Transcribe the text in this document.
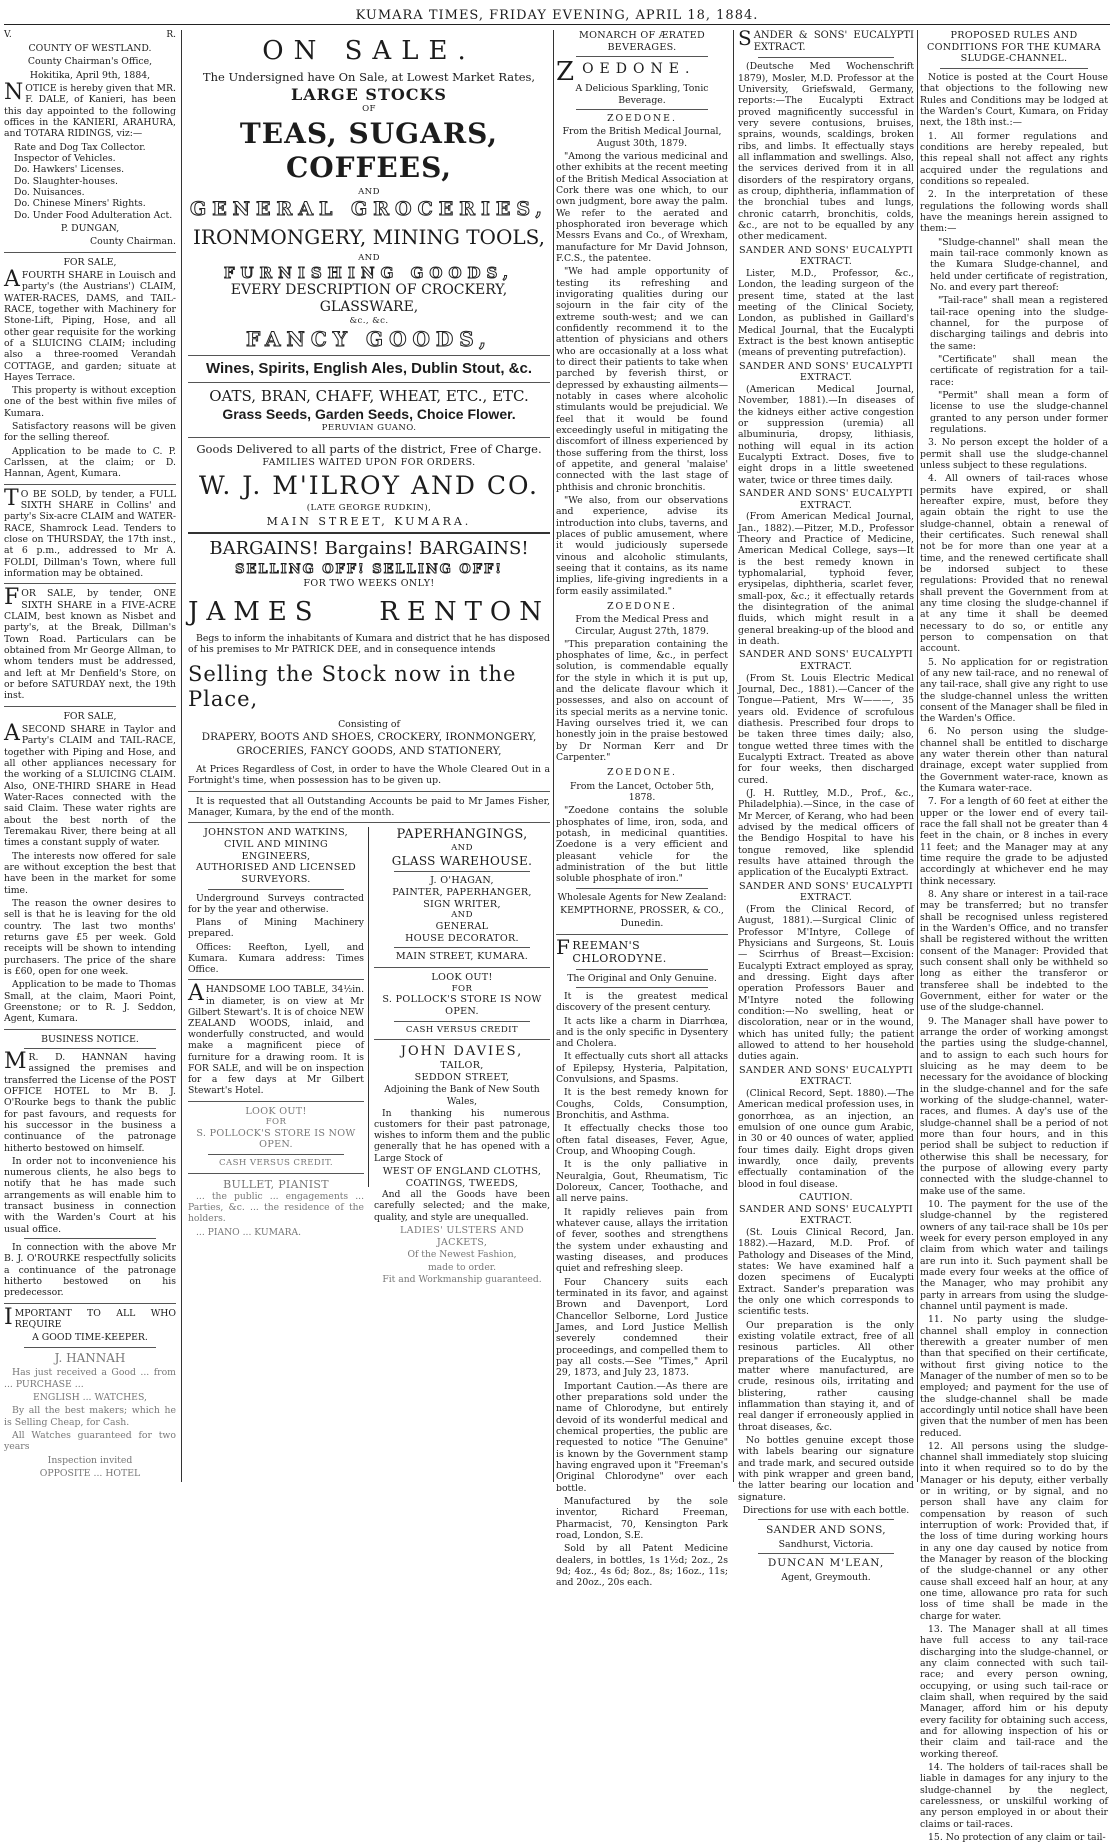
KUMARA TIMES, FRIDAY EVENING, APRIL 18, 1884.
V.	R.
COUNTY OF WESTLAND.
County Chairman's Office,
Hokitika, April 9th, 1884,

NOTICE is hereby given that MR. F. DALE, of Kanieri, has been this day appointed to the following offices in the KANIERI, ARAHURA, and TOTARA RIDINGS, viz:—

Rate and Dog Tax Collector.
Inspector of Vehicles.
Do. Hawkers' Licenses.
Do. Slaughter-houses.
Do. Nuisances.
Do. Chinese Miners' Rights.
Do. Under Food Adulteration Act.
P. DUNGAN,
County Chairman.
FOR SALE,

AFOURTH SHARE in Louisch and party's (the Austrians') CLAIM, WATER-RACES, DAMS, and TAIL-RACE, together with Machinery for Stone-Lift, Piping, Hose, and all other gear requisite for the working of a SLUICING CLAIM; including also a three-roomed Verandah COTTAGE, and garden; situate at Hayes Terrace.

This property is without exception one of the best within five miles of Kumara.

Satisfactory reasons will be given for the selling thereof.

Application to be made to C. P. Carlssen, at the claim; or D. Hannan, Agent, Kumara.

T O BE SOLD, by tender, a FULL SIXTH SHARE in Collins' and party's Six-acre CLAIM and WATER-RACE, Shamrock Lead. Tenders to close on THURSDAY, the 17th inst., at 6 p.m., addressed to Mr A. FOLDI, Dillman's Town, where full information may be obtained.

FOR SALE, by tender, ONE SIXTH SHARE in a FIVE-ACRE CLAIM, best known as Nisbet and party's, at the Break, Dillman's Town Road. Particulars can be obtained from Mr George Allman, to whom tenders must be addressed, and left at Mr Denfield's Store, on or before SATURDAY next, the 19th inst.

FOR SALE,

ASECOND SHARE in Taylor and Party's CLAIM and TAIL-RACE, together with Piping and Hose, and all other appliances necessary for the working of a SLUICING CLAIM. Also, ONE-THIRD SHARE in Head Water-Races connected with the said Claim. These water rights are about the best north of the Teremakau River, there being at all times a constant supply of water.

The interests now offered for sale are without exception the best that have been in the market for some time.

The reason the owner desires to sell is that he is leaving for the old country. The last two months' returns gave £5 per week. Gold receipts will be shown to intending purchasers. The price of the share is £60, open for one week.

Application to be made to Thomas Small, at the claim, Maori Point, Greenstone; or to R. J. Seddon, Agent, Kumara.

BUSINESS NOTICE.

M R. D. HANNAN having assigned the premises and transferred the License of the POST OFFICE HOTEL to Mr B. J. O'Rourke begs to thank the public for past favours, and requests for his successor in the business a continuance of the patronage hitherto bestowed on himself.

In order not to inconvenience his numerous clients, he also begs to notify that he has made such arrangements as will enable him to transact business in connection with the Warden's Court at his usual office.

In connection with the above Mr B. J. O'ROURKE respectfully solicits a continuance of the patronage hitherto bestowed on his predecessor.

IMPORTANT TO ALL WHO REQUIRE

A GOOD TIME-KEEPER.
J. HANNAH

Has just received a Good ... from ... PURCHASE ...

ENGLISH ... WATCHES,

By all the best makers; which he is Selling Cheap, for Cash.

All Watches guaranteed for two years

Inspection invited
OPPOSITE ... HOTEL
ON SALE.
The Undersigned have On Sale, at Lowest Market Rates,
LARGE STOCKS
OF
TEAS, SUGARS, COFFEES,
AND
GENERAL GROCERIES,
IRONMONGERY, MINING TOOLS,
AND
FURNISHING GOODS,
EVERY DESCRIPTION OF CROCKERY, GLASSWARE,
&c., &c.
FANCY GOODS,
Wines, Spirits, English Ales, Dublin Stout, &c.
OATS, BRAN, CHAFF, WHEAT, ETC., ETC.
Grass Seeds, Garden Seeds, Choice Flower.
PERUVIAN GUANO.
Goods Delivered to all parts of the district, Free of Charge.
FAMILIES WAITED UPON FOR ORDERS.
W. J. M'ILROY AND CO.
(LATE GEORGE RUDKIN),
MAIN STREET, KUMARA.
BARGAINS! Bargains! BARGAINS!
SELLING OFF! SELLING OFF!
FOR TWO WEEKS ONLY!
JAMES RENTON

Begs to inform the inhabitants of Kumara and district that he has disposed of his premises to Mr PATRICK DEE, and in consequence intends

Selling the Stock now in the Place,
Consisting of
DRAPERY, BOOTS AND SHOES, CROCKERY, IRONMONGERY,
GROCERIES, FANCY GOODS, AND STATIONERY,

At Prices Regardless of Cost, in order to have the Whole Cleared Out in a Fortnight's time, when possession has to be given up.

It is requested that all Outstanding Accounts be paid to Mr James Fisher, Manager, Kumara, by the end of the month.

JOHNSTON AND WATKINS,
CIVIL AND MINING ENGINEERS,
AUTHORISED AND LICENSED SURVEYORS.

Underground Surveys contracted for by the year and otherwise.

Plans of Mining Machinery prepared.

Offices: Reefton, Lyell, and Kumara. Kumara address: Times Office.

AHANDSOME LOO TABLE, 34½in. in diameter, is on view at Mr Gilbert Stewart's. It is of choice NEW ZEALAND WOODS, inlaid, and wonderfully constructed, and would make a magnificent piece of furniture for a drawing room. It is FOR SALE, and will be on inspection for a few days at Mr Gilbert Stewart's Hotel.

LOOK OUT!
FOR
S. POLLOCK'S STORE IS NOW OPEN.
CASH VERSUS CREDIT.
BULLET, PIANIST

... the public ... engagements ... Parties, &c. ... the residence of the holders.

... PIANO ... KUMARA.

PAPERHANGINGS,
AND
GLASS WAREHOUSE.
J. O'HAGAN,
PAINTER, PAPERHANGER,
SIGN WRITER,
AND
GENERAL
HOUSE DECORATOR.
MAIN STREET, KUMARA.
LOOK OUT!
FOR
S. POLLOCK'S STORE IS NOW OPEN.
CASH VERSUS CREDIT
JOHN DAVIES,
TAILOR,
SEDDON STREET,
Adjoining the Bank of New South Wales,

In thanking his numerous customers for their past patronage, wishes to inform them and the public generally that he has opened with a Large Stock of

WEST OF ENGLAND CLOTHS,
COATINGS, TWEEDS,

And all the Goods have been carefully selected; and the make, quality, and style are unequalled.

LADIES' ULSTERS AND JACKETS,
Of the Newest Fashion,
made to order.
Fit and Workmanship guaranteed.
MONARCH OF ÆRATED BEVERAGES.
ZOEDONE.
A Delicious Sparkling, Tonic Beverage.
ZOEDONE.
From the British Medical Journal, August 30th, 1879.

"Among the various medicinal and other exhibits at the recent meeting of the British Medical Association at Cork there was one which, to our own judgment, bore away the palm. We refer to the aerated and phosphorated iron beverage which Messrs Evans and Co., of Wrexham, manufacture for Mr David Johnson, F.C.S., the patentee.

"We had ample opportunity of testing its refreshing and invigorating qualities during our sojourn in the fair city of the extreme south-west; and we can confidently recommend it to the attention of physicians and others who are occasionally at a loss what to direct their patients to take when parched by feverish thirst, or depressed by exhausting ailments—notably in cases where alcoholic stimulants would be prejudicial. We feel that it would be found exceedingly useful in mitigating the discomfort of illness experienced by those suffering from the thirst, loss of appetite, and general 'malaise' connected with the last stage of phthisis and chronic bronchitis.

"We also, from our observations and experience, advise its introduction into clubs, taverns, and places of public amusement, where it would judiciously supersede vinous and alcoholic stimulants, seeing that it contains, as its name implies, life-giving ingredients in a form easily assimilated."

ZOEDONE.
From the Medical Press and Circular, August 27th, 1879.

"This preparation containing the phosphates of lime, &c., in perfect solution, is commendable equally for the style in which it is put up, and the delicate flavour which it possesses, and also on account of its special merits as a nervine tonic. Having ourselves tried it, we can honestly join in the praise bestowed by Dr Norman Kerr and Dr Carpenter."

ZOEDONE.
From the Lancet, October 5th, 1878.

"Zoedone contains the soluble phosphates of lime, iron, soda, and potash, in medicinal quantities. Zoedone is a very efficient and pleasant vehicle for the administration of the but little soluble phosphate of iron."

Wholesale Agents for New Zealand:
KEMPTHORNE, PROSSER, & CO.,
Dunedin.
FREEMAN'S CHLORODYNE.
The Original and Only Genuine.

It is the greatest medical discovery of the present century.

It acts like a charm in Diarrhœa, and is the only specific in Dysentery and Cholera.

It effectually cuts short all attacks of Epilepsy, Hysteria, Palpitation, Convulsions, and Spasms.

It is the best remedy known for Coughs, Colds, Consumption, Bronchitis, and Asthma.

It effectually checks those too often fatal diseases, Fever, Ague, Croup, and Whooping Cough.

It is the only palliative in Neuralgia, Gout, Rheumatism, Tic Doloreux, Cancer, Toothache, and all nerve pains.

It rapidly relieves pain from whatever cause, allays the irritation of fever, soothes and strengthens the system under exhausting and wasting diseases, and produces quiet and refreshing sleep.

Four Chancery suits each terminated in its favor, and against Brown and Davenport, Lord Chancellor Selborne, Lord Justice James, and Lord Justice Mellish severely condemned their proceedings, and compelled them to pay all costs.—See "Times," April 29, 1873, and July 23, 1873.

Important Caution.—As there are other preparations sold under the name of Chlorodyne, but entirely devoid of its wonderful medical and chemical properties, the public are requested to notice "The Genuine" is known by the Government stamp having engraved upon it "Freeman's Original Chlorodyne" over each bottle.

Manufactured by the sole inventor, Richard Freeman, Pharmacist, 70, Kensington Park road, London, S.E.

Sold by all Patent Medicine dealers, in bottles, 1s 1½d; 2oz., 2s 9d; 4oz., 4s 6d; 8oz., 8s; 16oz., 11s; and 20oz., 20s each.

SANDER & SONS' EUCALYPTI EXTRACT.

(Deutsche Med Wochenschrift 1879), Mosler, M.D. Professor at the University, Griefswald, Germany, reports:—The Eucalypti Extract proved magnificently successful in very severe contusions, bruises, sprains, wounds, scaldings, broken ribs, and limbs. It effectually stays all inflammation and swellings. Also, the services derived from it in all disorders of the respiratory organs, as croup, diphtheria, inflammation of the bronchial tubes and lungs, chronic catarrh, bronchitis, colds, &c., are not to be equalled by any other medicament.

SANDER AND SONS' EUCALYPTI EXTRACT.

Lister, M.D., Professor, &c., London, the leading surgeon of the present time, stated at the last meeting of the Clinical Society, London, as published in Gaillard's Medical Journal, that the Eucalypti Extract is the best known antiseptic (means of preventing putrefaction).

SANDER AND SONS' EUCALYPTI EXTRACT.

(American Medical Journal, November, 1881).—In diseases of the kidneys either active congestion or suppression (uremia) all albuminuria, dropsy, lithiasis, nothing will equal in its action Eucalypti Extract. Doses, five to eight drops in a little sweetened water, twice or three times daily.

SANDER AND SONS' EUCALYPTI EXTRACT.

(From American Medical Journal, Jan., 1882).—Pitzer, M.D., Professor Theory and Practice of Medicine, American Medical College, says—It is the best remedy known in typhomalarial, typhoid fever, erysipelas, diphtheria, scarlet fever, small-pox, &c.; it effectually retards the disintegration of the animal fluids, which might result in a general breaking-up of the blood and in death.

SANDER AND SONS' EUCALYPTI EXTRACT.

(From St. Louis Electric Medical Journal, Dec., 1881).—Cancer of the Tongue—Patient, Mrs W———, 35 years old. Evidence of scrofulous diathesis. Prescribed four drops to be taken three times daily; also, tongue wetted three times with the Eucalypti Extract. Treated as above for four weeks, then discharged cured.

(J. H. Ruttley, M.D., Prof., &c., Philadelphia).—Since, in the case of Mr Mercer, of Kerang, who had been advised by the medical officers of the Bendigo Hospital to have his tongue removed, like splendid results have attained through the application of the Eucalypti Extract.

SANDER AND SONS' EUCALYPTI EXTRACT.

(From the Clinical Record, of August, 1881).—Surgical Clinic of Professor M'Intyre, College of Physicians and Surgeons, St. Louis — Scirrhus of Breast—Excision: Eucalypti Extract employed as spray, and dressing. Eight days after operation Professors Bauer and M'Intyre noted the following condition:—No swelling, heat or discoloration, near or in the wound, which has united fully; the patient allowed to attend to her household duties again.

SANDER AND SONS' EUCALYPTI EXTRACT.

(Clinical Record, Sept. 1880).—The American medical profession uses, in gonorrhœa, as an injection, an emulsion of one ounce gum Arabic, in 30 or 40 ounces of water, applied four times daily. Eight drops given inwardly, once daily, prevents effectually contamination of the blood in foul disease.

CAUTION.
SANDER AND SONS' EUCALYPTI EXTRACT.

(St. Louis Clinical Record, Jan. 1882).—Hazard, M.D. Prof. of Pathology and Diseases of the Mind, states: We have examined half a dozen specimens of Eucalypti Extract. Sander's preparation was the only one which corresponds to scientific tests.

Our preparation is the only existing volatile extract, free of all resinous particles. All other preparations of the Eucalyptus, no matter where manufactured, are crude, resinous oils, irritating and blistering, rather causing inflammation than staying it, and of real danger if erroneously applied in throat diseases, &c.

No bottles genuine except those with labels bearing our signature and trade mark, and secured outside with pink wrapper and green band, the latter bearing our location and signature.

Directions for use with each bottle.
SANDER AND SONS,
Sandhurst, Victoria.
DUNCAN M'LEAN,
Agent, Greymouth.
PROPOSED RULES AND CONDITIONS FOR THE KUMARA SLUDGE-CHANNEL.

Notice is posted at the Court House that objections to the following new Rules and Conditions may be lodged at the Warden's Court, Kumara, on Friday next, the 18th inst.:—

1. All former regulations and conditions are hereby repealed, but this repeal shall not affect any rights acquired under the regulations and conditions so repealed.

2. In the interpretation of these regulations the following words shall have the meanings herein assigned to them:—

"Sludge-channel" shall mean the main tail-race commonly known as the Kumara Sludge-channel, and held under certificate of registration, No. and every part thereof:

"Tail-race" shall mean a registered tail-race opening into the sludge-channel, for the purpose of discharging tailings and debris into the same:

"Certificate" shall mean the certificate of registration for a tail-race:

"Permit" shall mean a form of license to use the sludge-channel granted to any person under former regulations.

3. No person except the holder of a permit shall use the sludge-channel unless subject to these regulations.

4. All owners of tail-races whose permits have expired, or shall hereafter expire, must, before they again obtain the right to use the sludge-channel, obtain a renewal of their certificates. Such renewal shall not be for more than one year at a time, and the renewed certificate shall be indorsed subject to these regulations: Provided that no renewal shall prevent the Government from at any time closing the sludge-channel if at any time it shall be deemed necessary to do so, or entitle any person to compensation on that account.

5. No application for or registration of any new tail-race, and no renewal of any tail-race, shall give any right to use the sludge-channel unless the written consent of the Manager shall be filed in the Warden's Office.

6. No person using the sludge-channel shall be entitled to discharge any water therein other than natural drainage, except water supplied from the Government water-race, known as the Kumara water-race.

7. For a length of 60 feet at either the upper or the lower end of every tail-race the fall shall not be greater than 4 feet in the chain, or 8 inches in every 11 feet; and the Manager may at any time require the grade to be adjusted accordingly at whichever end he may think necessary.

8. Any share or interest in a tail-race may be transferred; but no transfer shall be recognised unless registered in the Warden's Office, and no transfer shall be registered without the written consent of the Manager: Provided that such consent shall only be withheld so long as either the transferor or transferee shall be indebted to the Government, either for water or the use of the sludge-channel.

9. The Manager shall have power to arrange the order of working amongst the parties using the sludge-channel, and to assign to each such hours for sluicing as he may deem to be necessary for the avoidance of blocking in the sludge-channel and for the safe working of the sludge-channel, water-races, and flumes. A day's use of the sludge-channel shall be a period of not more than four hours, and in this period shall be subject to reduction if otherwise this shall be necessary, for the purpose of allowing every party connected with the sludge-channel to make use of the same.

10. The payment for the use of the sludge-channel by the registered owners of any tail-race shall be 10s per week for every person employed in any claim from which water and tailings are run into it. Such payment shall be made every four weeks at the office of the Manager, who may prohibit any party in arrears from using the sludge-channel until payment is made.

11. No party using the sludge-channel shall employ in connection therewith a greater number of men than that specified on their certificate, without first giving notice to the Manager of the number of men so to be employed; and payment for the use of the sludge-channel shall be made accordingly until notice shall have been given that the number of men has been reduced.

12. All persons using the sludge-channel shall immediately stop sluicing into it when required so to do by the Manager or his deputy, either verbally or in writing, or by signal, and no person shall have any claim for compensation by reason of such interruption of work: Provided that, if the loss of time during working hours in any one day caused by notice from the Manager by reason of the blocking of the sludge-channel or any other cause shall exceed half an hour, at any one time, allowance pro rata for such loss of time shall be made in the charge for water.

13. The Manager shall at all times have full access to any tail-race discharging into the sludge-channel, or any claim connected with such tail-race; and every person owning, occupying, or using such tail-race or claim shall, when required by the said Manager, afford him or his deputy every facility for obtaining such access, and for allowing inspection of his or their claim and tail-race and the working thereof.

14. The holders of tail-races shall be liable in damages for any injury to the sludge-channel by the neglect, carelessness, or unskilful working of any person employed in or about their claims or tail-races.

15. No protection of any claim or tail-
